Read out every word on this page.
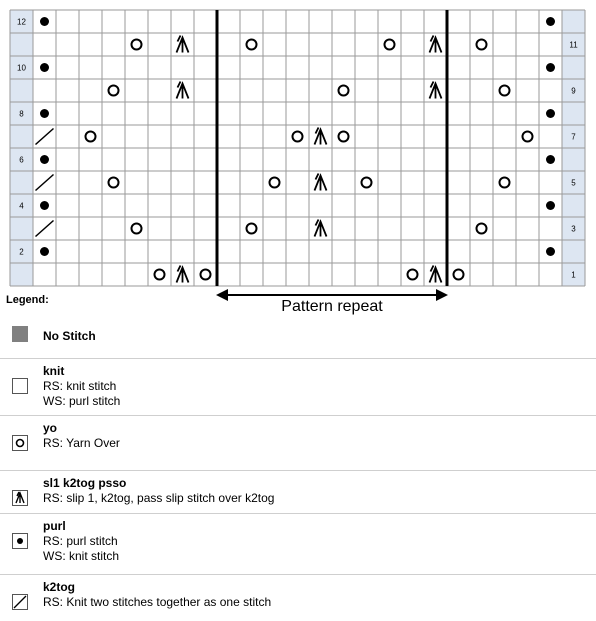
12
10
8
6
4
2
11
9
7
5
3
1
Pattern repeat
Legend:
No Stitch
knit
RS: knit stitch
WS: purl stitch
yo
RS: Yarn Over
sl1 k2tog psso
RS: slip 1, k2tog, pass slip stitch over k2tog
purl
RS: purl stitch
WS: knit stitch
k2tog
RS: Knit two stitches together as one stitch
